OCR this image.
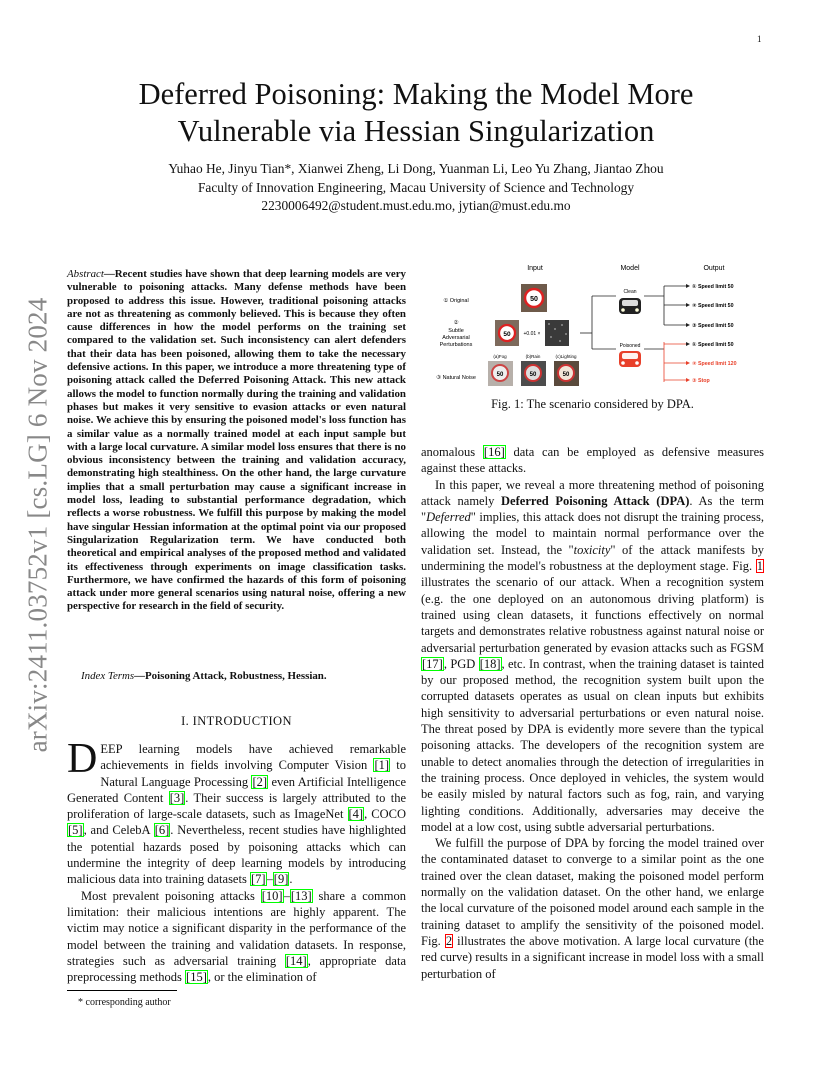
1
arXiv:2411.03752v1 [cs.LG] 6 Nov 2024
Deferred Poisoning: Making the Model More
Vulnerable via Hessian Singularization
Yuhao He, Jinyu Tian*, Xianwei Zheng, Li Dong, Yuanman Li, Leo Yu Zhang, Jiantao Zhou
Faculty of Innovation Engineering, Macau University of Science and Technology
2230006492@student.must.edu.mo, jytian@must.edu.mo
Abstract—Recent studies have shown that deep learning models are very vulnerable to poisoning attacks. Many defense methods have been proposed to address this issue. However, traditional poisoning attacks are not as threatening as commonly believed. This is because they often cause differences in how the model performs on the training set compared to the validation set. Such inconsistency can alert defenders that their data has been poisoned, allowing them to take the necessary defensive actions. In this paper, we introduce a more threatening type of poisoning attack called the Deferred Poisoning Attack. This new attack allows the model to function normally during the training and validation phases but makes it very sensitive to evasion attacks or even natural noise. We achieve this by ensuring the poisoned model's loss function has a similar value as a normally trained model at each input sample but with a large local curvature. A similar model loss ensures that there is no obvious inconsistency between the training and validation accuracy, demonstrating high stealthiness. On the other hand, the large curvature implies that a small perturbation may cause a significant increase in model loss, leading to substantial performance degradation, which reflects a worse robustness. We fulfill this purpose by making the model have singular Hessian information at the optimal point via our proposed Singularization Regularization term. We have conducted both theoretical and empirical analyses of the proposed method and validated its effectiveness through experiments on image classification tasks. Furthermore, we have confirmed the hazards of this form of poisoning attack under more general scenarios using natural noise, offering a new perspective for research in the field of security.
Index Terms—Poisoning Attack, Robustness, Hessian.
I. INTRODUCTION

DEEP learning models have achieved remarkable achievements in fields involving Computer Vision [1] to Natural Language Processing [2] even Artificial Intelligence Generated Content [3]. Their success is largely attributed to the proliferation of large-scale datasets, such as ImageNet [4], COCO [5], and CelebA [6]. Nevertheless, recent studies have highlighted the potential hazards posed by poisoning attacks which can undermine the integrity of deep learning models by introducing malicious data into training datasets [7]–[9].

Most prevalent poisoning attacks [10]–[13] share a common limitation: their malicious intentions are highly apparent. The victim may notice a significant disparity in the performance of the model between the training and validation datasets. In response, strategies such as adversarial training [14], appropriate data preprocessing methods [15], or the elimination of

* corresponding author
Input	Model	Output
① Original
②
Subtle
Adversarial
Perturbations
③ Natural Noise
50
50	+0.01 ×
(a)Fog	(b)Rain	(c)Lighting
50	50	50
Clean
Poisoned
① Speed limit 50
② Speed limit 50
③ Speed limit 50
① Speed limit 50
② Speed limit 120
③ Stop
Fig. 1: The scenario considered by DPA.

anomalous [16] data can be employed as defensive measures against these attacks.

In this paper, we reveal a more threatening method of poisoning attack namely Deferred Poisoning Attack (DPA). As the term "Deferred" implies, this attack does not disrupt the training process, allowing the model to maintain normal performance over the validation set. Instead, the "toxicity" of the attack manifests by undermining the model's robustness at the deployment stage. Fig. 1 illustrates the scenario of our attack. When a recognition system (e.g. the one deployed on an autonomous driving platform) is trained using clean datasets, it functions effectively on normal targets and demonstrates relative robustness against natural noise or adversarial perturbation generated by evasion attacks such as FGSM [17], PGD [18], etc. In contrast, when the training dataset is tainted by our proposed method, the recognition system built upon the corrupted datasets operates as usual on clean inputs but exhibits high sensitivity to adversarial perturbations or even natural noise. The threat posed by DPA is evidently more severe than the typical poisoning attacks. The developers of the recognition system are unable to detect anomalies through the detection of irregularities in the training process. Once deployed in vehicles, the system would be easily misled by natural factors such as fog, rain, and varying lighting conditions. Additionally, adversaries may deceive the model at a low cost, using subtle adversarial perturbations.

We fulfill the purpose of DPA by forcing the model trained over the contaminated dataset to converge to a similar point as the one trained over the clean dataset, making the poisoned model perform normally on the validation dataset. On the other hand, we enlarge the local curvature of the poisoned model around each sample in the training dataset to amplify the sensitivity of the poisoned model. Fig. 2 illustrates the above motivation. A large local curvature (the red curve) results in a significant increase in model loss with a small perturbation of
